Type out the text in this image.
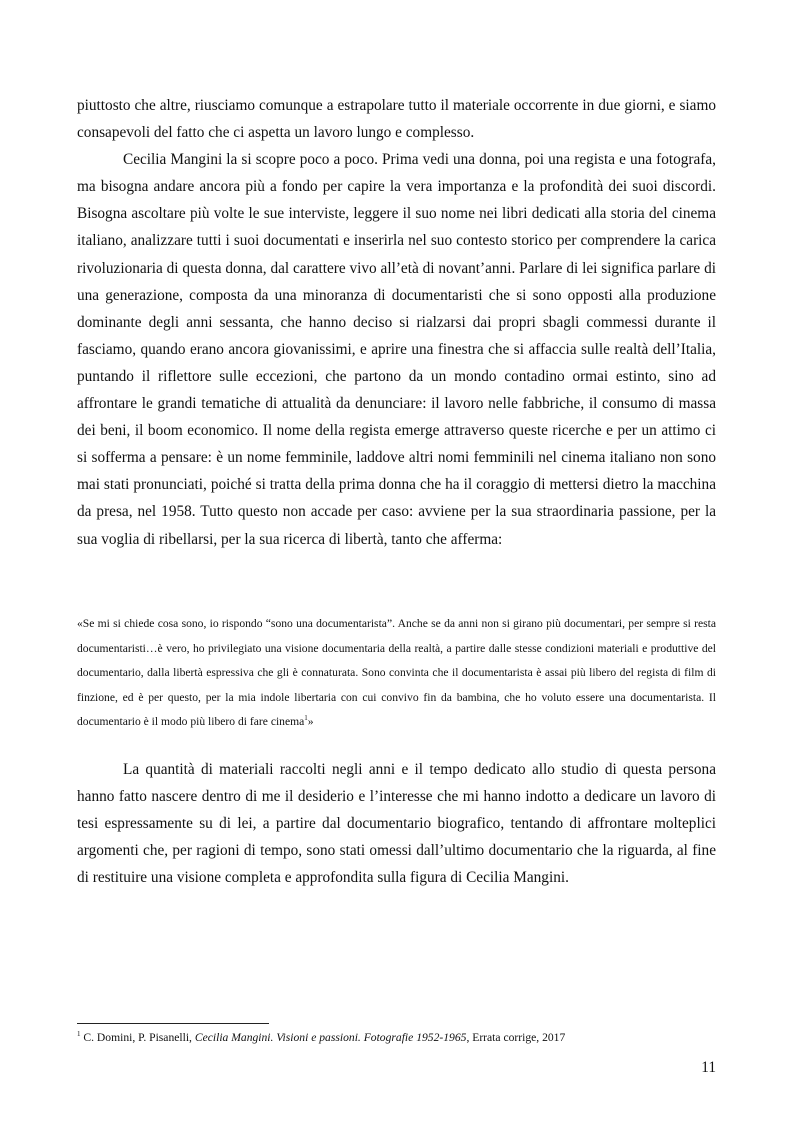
piuttosto che altre, riusciamo comunque a estrapolare tutto il materiale occorrente in due giorni, e siamo consapevoli del fatto che ci aspetta un lavoro lungo e complesso.

Cecilia Mangini la si scopre poco a poco. Prima vedi una donna, poi una regista e una fotografa, ma bisogna andare ancora più a fondo per capire la vera importanza e la profondità dei suoi discordi. Bisogna ascoltare più volte le sue interviste, leggere il suo nome nei libri dedicati alla storia del cinema italiano, analizzare tutti i suoi documentati e inserirla nel suo contesto storico per comprendere la carica rivoluzionaria di questa donna, dal carattere vivo all’età di novant’anni. Parlare di lei significa parlare di una generazione, composta da una minoranza di documentaristi che si sono opposti alla produzione dominante degli anni sessanta, che hanno deciso si rialzarsi dai propri sbagli commessi durante il fasciamo, quando erano ancora giovanissimi, e aprire una finestra che si affaccia sulle realtà dell’Italia, puntando il riflettore sulle eccezioni, che partono da un mondo contadino ormai estinto, sino ad affrontare le grandi tematiche di attualità da denunciare: il lavoro nelle fabbriche, il consumo di massa dei beni, il boom economico. Il nome della regista emerge attraverso queste ricerche e per un attimo ci si sofferma a pensare: è un nome femminile, laddove altri nomi femminili nel cinema italiano non sono mai stati pronunciati, poiché si tratta della prima donna che ha il coraggio di mettersi dietro la macchina da presa, nel 1958. Tutto questo non accade per caso: avviene per la sua straordinaria passione, per la sua voglia di ribellarsi, per la sua ricerca di libertà, tanto che afferma:

«Se mi si chiede cosa sono, io rispondo “sono una documentarista”. Anche se da anni non si girano più documentari, per sempre si resta documentaristi…è vero, ho privilegiato una visione documentaria della realtà, a partire dalle stesse condizioni materiali e produttive del documentario, dalla libertà espressiva che gli è connaturata. Sono convinta che il documentarista è assai più libero del regista di film di finzione, ed è per questo, per la mia indole libertaria con cui convivo fin da bambina, che ho voluto essere una documentarista. Il documentario è il modo più libero di fare cinema$^1$»

La quantità di materiali raccolti negli anni e il tempo dedicato allo studio di questa persona hanno fatto nascere dentro di me il desiderio e l’interesse che mi hanno indotto a dedicare un lavoro di tesi espressamente su di lei, a partire dal documentario biografico, tentando di affrontare molteplici argomenti che, per ragioni di tempo, sono stati omessi dall’ultimo documentario che la riguarda, al fine di restituire una visione completa e approfondita sulla figura di Cecilia Mangini.

$^1$ C. Domini, P. Pisanelli, Cecilia Mangini. Visioni e passioni. Fotografie 1952-1965, Errata corrige, 2017

11
